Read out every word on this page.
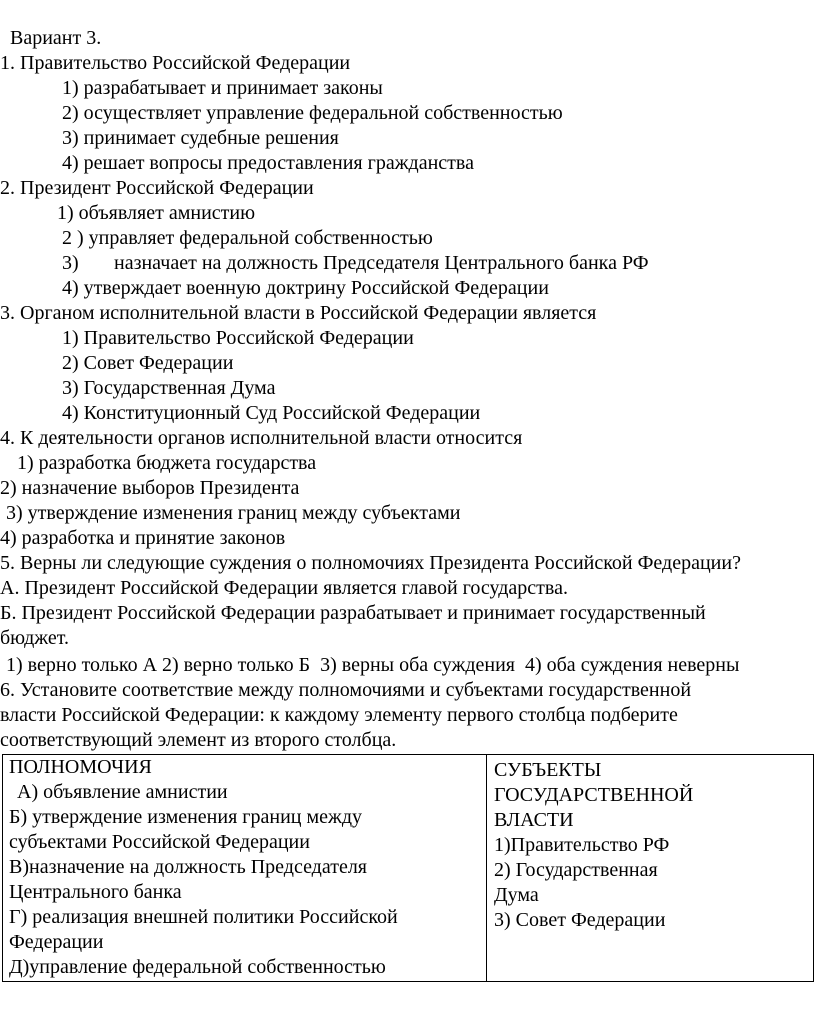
Вариант 3.
1. Правительство Российской Федерации
1) разрабатывает и принимает законы
2) осуществляет управление федеральной собственностью
3) принимает судебные решения
4) решает вопросы предоставления гражданства
2. Президент Российской Федерации
1) объявляет амнистию
2 ) управляет федеральной собственностью
3) назначает на должность Председателя Центрального банка РФ
4) утверждает военную доктрину Российской Федерации
3. Органом исполнительной власти в Российской Федерации является
1) Правительство Российской Федерации
2) Совет Федерации
3) Государственная Дума
4) Конституционный Суд Российской Федерации
4. К деятельности органов исполнительной власти относится
1) разработка бюджета государства
2) назначение выборов Президента
3) утверждение изменения границ между субъектами
4) разработка и принятие законов
5. Верны ли следующие суждения о полномочиях Президента Российской Федерации?
А. Президент Российской Федерации является главой государства.
Б. Президент Российской Федерации разрабатывает и принимает государственный
бюджет.
1) верно только А 2) верно только Б  3) верны оба суждения  4) оба суждения неверны
6. Установите соответствие между полномочиями и субъектами государственной
власти Российской Федерации: к каждому элементу первого столбца подберите
соответствующий элемент из второго столбца.
ПОЛНОМОЧИЯ
А) объявление амнистии
Б) утверждение изменения границ между
субъектами Российской Федерации
В)назначение на должность Председателя
Центрального банка
Г) реализация внешней политики Российской
Федерации
Д)управление федеральной собственностью
СУБЪЕКТЫ
ГОСУДАРСТВЕННОЙ
ВЛАСТИ
1)Правительство РФ
2) Государственная
Дума
3) Совет Федерации
